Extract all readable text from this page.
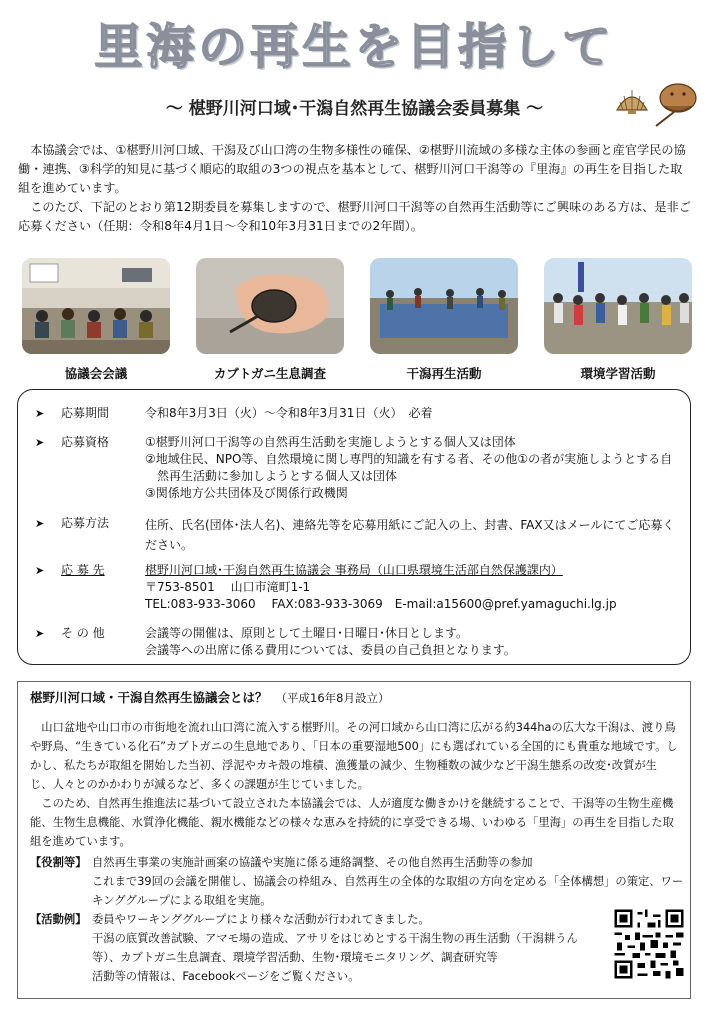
里海の再生を目指して
～ 椹野川河口域･干潟自然再生協議会委員募集 ～

本協議会では、①椹野川河口域、干潟及び山口湾の生物多様性の確保、②椹野川流域の多様な主体の参画と産官学民の協働・連携、③科学的知見に基づく順応的取組の3つの視点を基本として、椹野川河口干潟等の『里海』の再生を目指した取組を進めています。

このたび、下記のとおり第12期委員を募集しますので、椹野川河口干潟等の自然再生活動等にご興味のある方は、是非ご応募ください（任期：令和8年4月1日～令和10年3月31日までの2年間）。

協議会会議	カブトガニ生息調査	干潟再生活動	環境学習活動
➤ 応募期間	令和8年3月3日（火）～令和8年3月31日（火）　必着
➤ 応募資格	①椹野川河口干潟等の自然再生活動を実施しようとする個人又は団体
②地域住民、NPO等、自然環境に関し専門的知識を有する者、その他①の者が実施しようとする自然再生活動に参加しようとする個人又は団体
③関係地方公共団体及び関係行政機関
➤ 応募方法	住所、氏名(団体･法人名)、連絡先等を応募用紙にご記入の上、封書、FAX又はメールにてご応募ください。
➤ 応 募 先	椹野川河口域･干潟自然再生協議会 事務局（山口県環境生活部自然保護課内）
〒753-8501　 山口市滝町1-1
TEL:083-933-3060　 FAX:083-933-3069　E-mail:a15600@pref.yamaguchi.lg.jp
➤ そ の 他	会議等の開催は、原則として土曜日･日曜日･休日とします。
会議等への出席に係る費用については、委員の自己負担となります。
椹野川河口域・干潟自然再生協議会とは？ （平成16年8月設立）

山口盆地や山口市の市街地を流れ山口湾に流入する椹野川。その河口域から山口湾に広がる約344haの広大な干潟は、渡り鳥や野鳥、“生きている化石”カブトガニの生息地であり、「日本の重要湿地500」にも選ばれている全国的にも貴重な地域です。しかし、私たちが取組を開始した当初、浮泥やカキ殻の堆積、漁獲量の減少、生物種数の減少など干潟生態系の改変･改質が生じ、人々とのかかわりが減るなど、多くの課題が生じていました。

このため、自然再生推進法に基づいて設立された本協議会では、人が適度な働きかけを継続することで、干潟等の生物生産機能、生物生息機能、水質浄化機能、親水機能などの様々な恵みを持続的に享受できる場、いわゆる「里海」の再生を目指した取組を進めています。

【役割等】 自然再生事業の実施計画案の協議や実施に係る連絡調整、その他自然再生活動等の参加
これまで39回の会議を開催し、協議会の枠組み、自然再生の全体的な取組の方向を定める「全体構想」の策定、ワーキンググループによる取組を実施。
【活動例】 委員やワーキンググループにより様々な活動が行われてきました。
干潟の底質改善試験、アマモ場の造成、アサリをはじめとする干潟生物の再生活動（干潟耕うん等）、カブトガニ生息調査、環境学習活動、生物･環境モニタリング、調査研究等
活動等の情報は、Facebookページをご覧ください。
